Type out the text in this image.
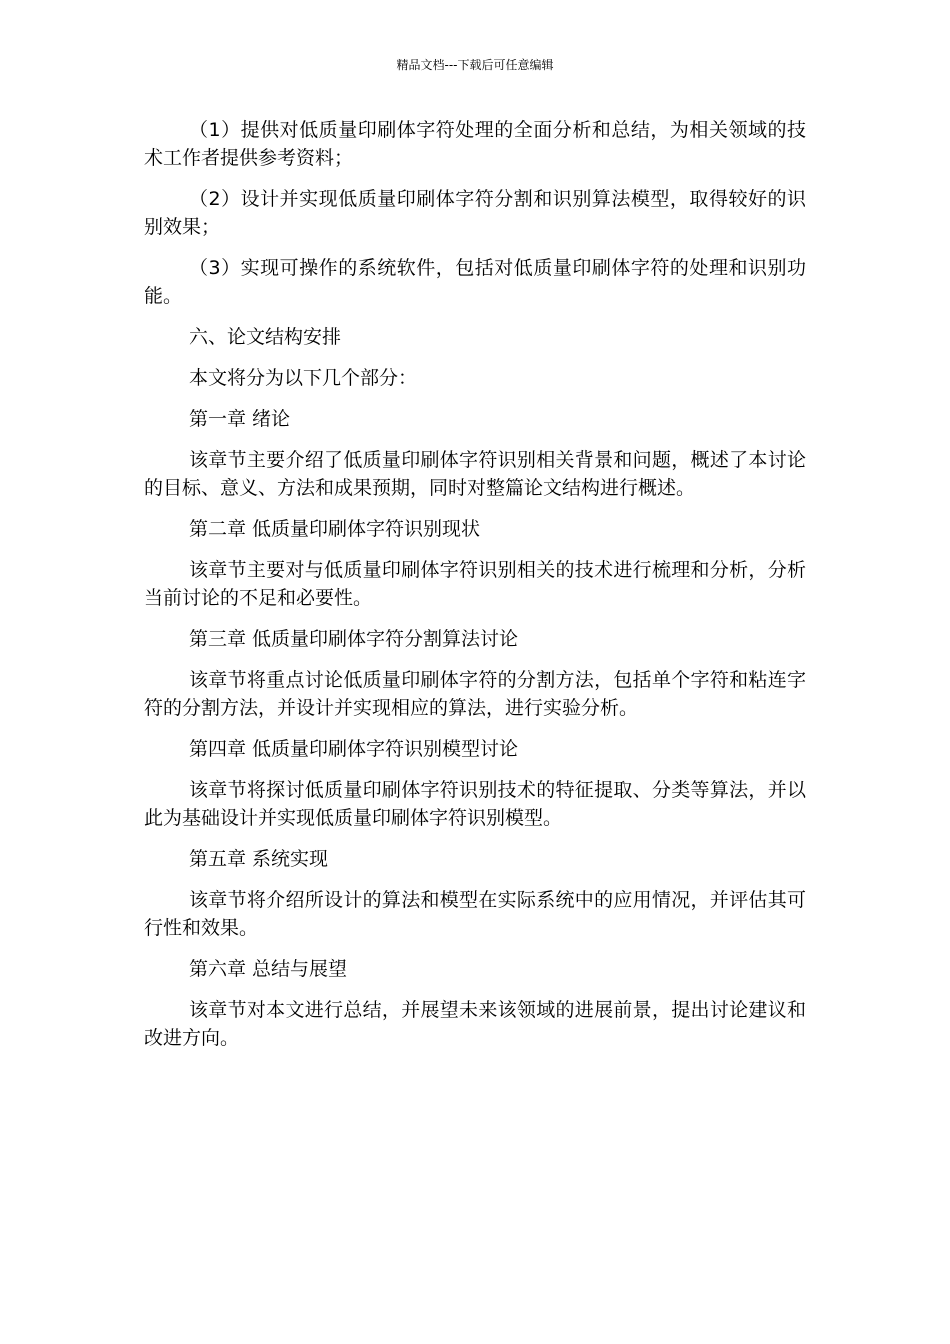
精品文档---下载后可任意编辑

（1）提供对低质量印刷体字符处理的全面分析和总结，为相关领域的技术工作者提供参考资料；

（2）设计并实现低质量印刷体字符分割和识别算法模型，取得较好的识别效果；

（3）实现可操作的系统软件，包括对低质量印刷体字符的处理和识别功能。

六、论文结构安排

本文将分为以下几个部分：

第一章 绪论

该章节主要介绍了低质量印刷体字符识别相关背景和问题，概述了本讨论的目标、意义、方法和成果预期，同时对整篇论文结构进行概述。

第二章 低质量印刷体字符识别现状

该章节主要对与低质量印刷体字符识别相关的技术进行梳理和分析，分析当前讨论的不足和必要性。

第三章 低质量印刷体字符分割算法讨论

该章节将重点讨论低质量印刷体字符的分割方法，包括单个字符和粘连字符的分割方法，并设计并实现相应的算法，进行实验分析。

第四章 低质量印刷体字符识别模型讨论

该章节将探讨低质量印刷体字符识别技术的特征提取、分类等算法，并以此为基础设计并实现低质量印刷体字符识别模型。

第五章 系统实现

该章节将介绍所设计的算法和模型在实际系统中的应用情况，并评估其可行性和效果。

第六章 总结与展望

该章节对本文进行总结，并展望未来该领域的进展前景，提出讨论建议和改进方向。
